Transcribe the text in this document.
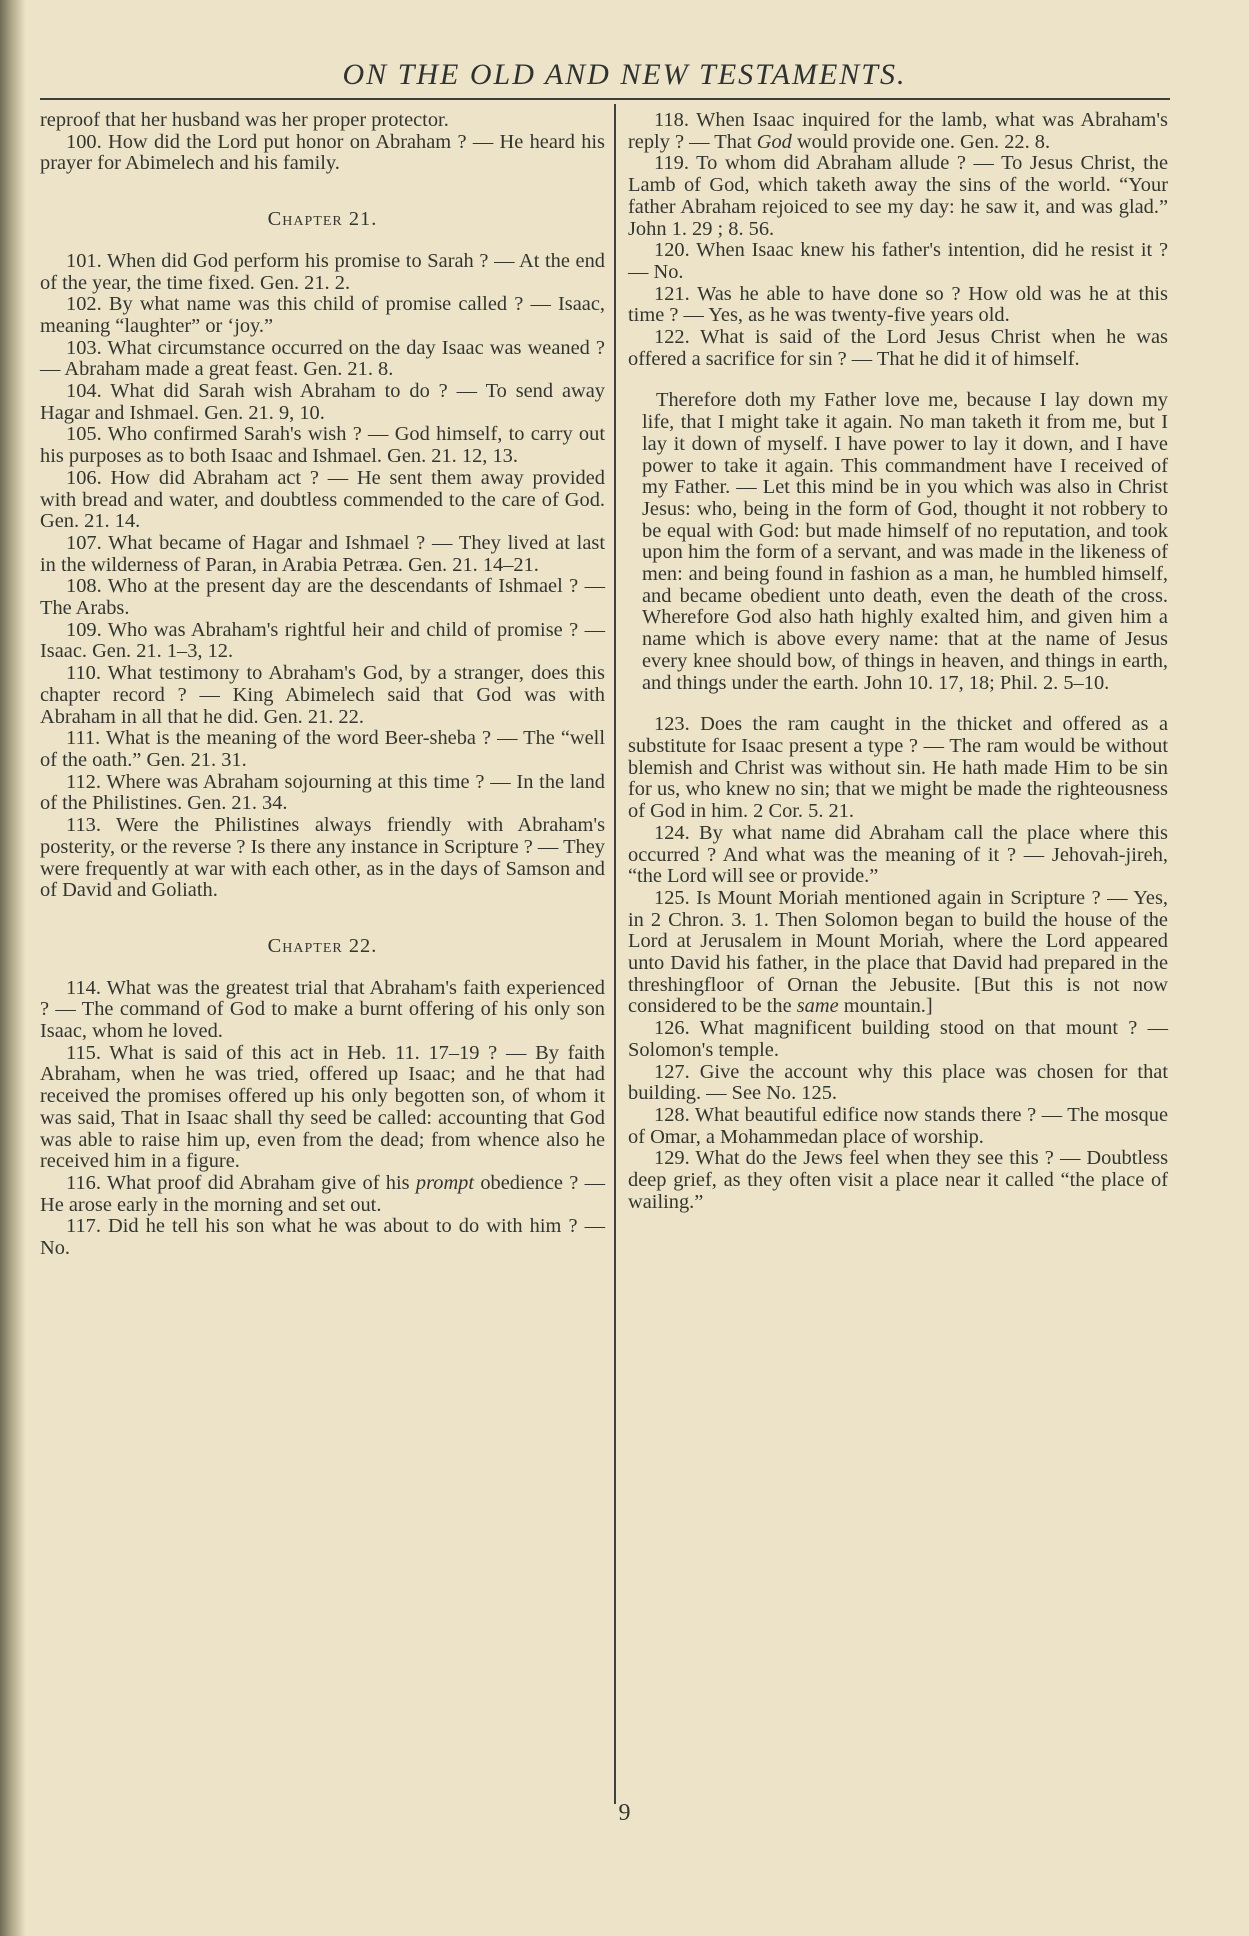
ON THE OLD AND NEW TESTAMENTS.

reproof that her husband was her proper protector.

100. How did the Lord put honor on Abraham ? — He heard his prayer for Abimelech and his family.

Chapter 21.

101. When did God perform his promise to Sarah ? — At the end of the year, the time fixed. Gen. 21. 2.

102. By what name was this child of promise called ? — Isaac, meaning “laughter” or ‘joy.”

103. What circumstance occurred on the day Isaac was weaned ? — Abraham made a great feast. Gen. 21. 8.

104. What did Sarah wish Abraham to do ? — To send away Hagar and Ishmael. Gen. 21. 9, 10.

105. Who confirmed Sarah's wish ? — God himself, to carry out his purposes as to both Isaac and Ishmael. Gen. 21. 12, 13.

106. How did Abraham act ? — He sent them away provided with bread and water, and doubtless commended to the care of God. Gen. 21. 14.

107. What became of Hagar and Ishmael ? — They lived at last in the wilderness of Paran, in Arabia Petræa. Gen. 21. 14–21.

108. Who at the present day are the descendants of Ishmael ? — The Arabs.

109. Who was Abraham's rightful heir and child of promise ? — Isaac. Gen. 21. 1–3, 12.

110. What testimony to Abraham's God, by a stranger, does this chapter record ? — King Abimelech said that God was with Abraham in all that he did. Gen. 21. 22.

111. What is the meaning of the word Beer-sheba ? — The “well of the oath.” Gen. 21. 31.

112. Where was Abraham sojourning at this time ? — In the land of the Philistines. Gen. 21. 34.

113. Were the Philistines always friendly with Abraham's posterity, or the reverse ? Is there any instance in Scripture ? — They were frequently at war with each other, as in the days of Samson and of David and Goliath.

Chapter 22.

114. What was the greatest trial that Abraham's faith experienced ? — The command of God to make a burnt offering of his only son Isaac, whom he loved.

115. What is said of this act in Heb. 11. 17–19 ? — By faith Abraham, when he was tried, offered up Isaac; and he that had received the promises offered up his only begotten son, of whom it was said, That in Isaac shall thy seed be called: accounting that God was able to raise him up, even from the dead; from whence also he received him in a figure.

116. What proof did Abraham give of his prompt obedience ? — He arose early in the morning and set out.

117. Did he tell his son what he was about to do with him ? — No.

118. When Isaac inquired for the lamb, what was Abraham's reply ? — That God would provide one. Gen. 22. 8.

119. To whom did Abraham allude ? — To Jesus Christ, the Lamb of God, which taketh away the sins of the world. “Your father Abraham rejoiced to see my day: he saw it, and was glad.” John 1. 29 ; 8. 56.

120. When Isaac knew his father's intention, did he resist it ? — No.

121. Was he able to have done so ? How old was he at this time ? — Yes, as he was twenty-five years old.

122. What is said of the Lord Jesus Christ when he was offered a sacrifice for sin ? — That he did it of himself.

Therefore doth my Father love me, because I lay down my life, that I might take it again. No man taketh it from me, but I lay it down of myself. I have power to lay it down, and I have power to take it again. This commandment have I received of my Father. — Let this mind be in you which was also in Christ Jesus: who, being in the form of God, thought it not robbery to be equal with God: but made himself of no reputation, and took upon him the form of a servant, and was made in the likeness of men: and being found in fashion as a man, he humbled himself, and became obedient unto death, even the death of the cross. Wherefore God also hath highly exalted him, and given him a name which is above every name: that at the name of Jesus every knee should bow, of things in heaven, and things in earth, and things under the earth. John 10. 17, 18; Phil. 2. 5–10.

123. Does the ram caught in the thicket and offered as a substitute for Isaac present a type ? — The ram would be without blemish and Christ was without sin. He hath made Him to be sin for us, who knew no sin; that we might be made the righteousness of God in him. 2 Cor. 5. 21.

124. By what name did Abraham call the place where this occurred ? And what was the meaning of it ? — Jehovah-jireh, “the Lord will see or provide.”

125. Is Mount Moriah mentioned again in Scripture ? — Yes, in 2 Chron. 3. 1. Then Solomon began to build the house of the Lord at Jerusalem in Mount Moriah, where the Lord appeared unto David his father, in the place that David had prepared in the threshingfloor of Ornan the Jebusite. [But this is not now considered to be the same mountain.]

126. What magnificent building stood on that mount ? — Solomon's temple.

127. Give the account why this place was chosen for that building. — See No. 125.

128. What beautiful edifice now stands there ? — The mosque of Omar, a Mohammedan place of worship.

129. What do the Jews feel when they see this ? — Doubtless deep grief, as they often visit a place near it called “the place of wailing.”

9
